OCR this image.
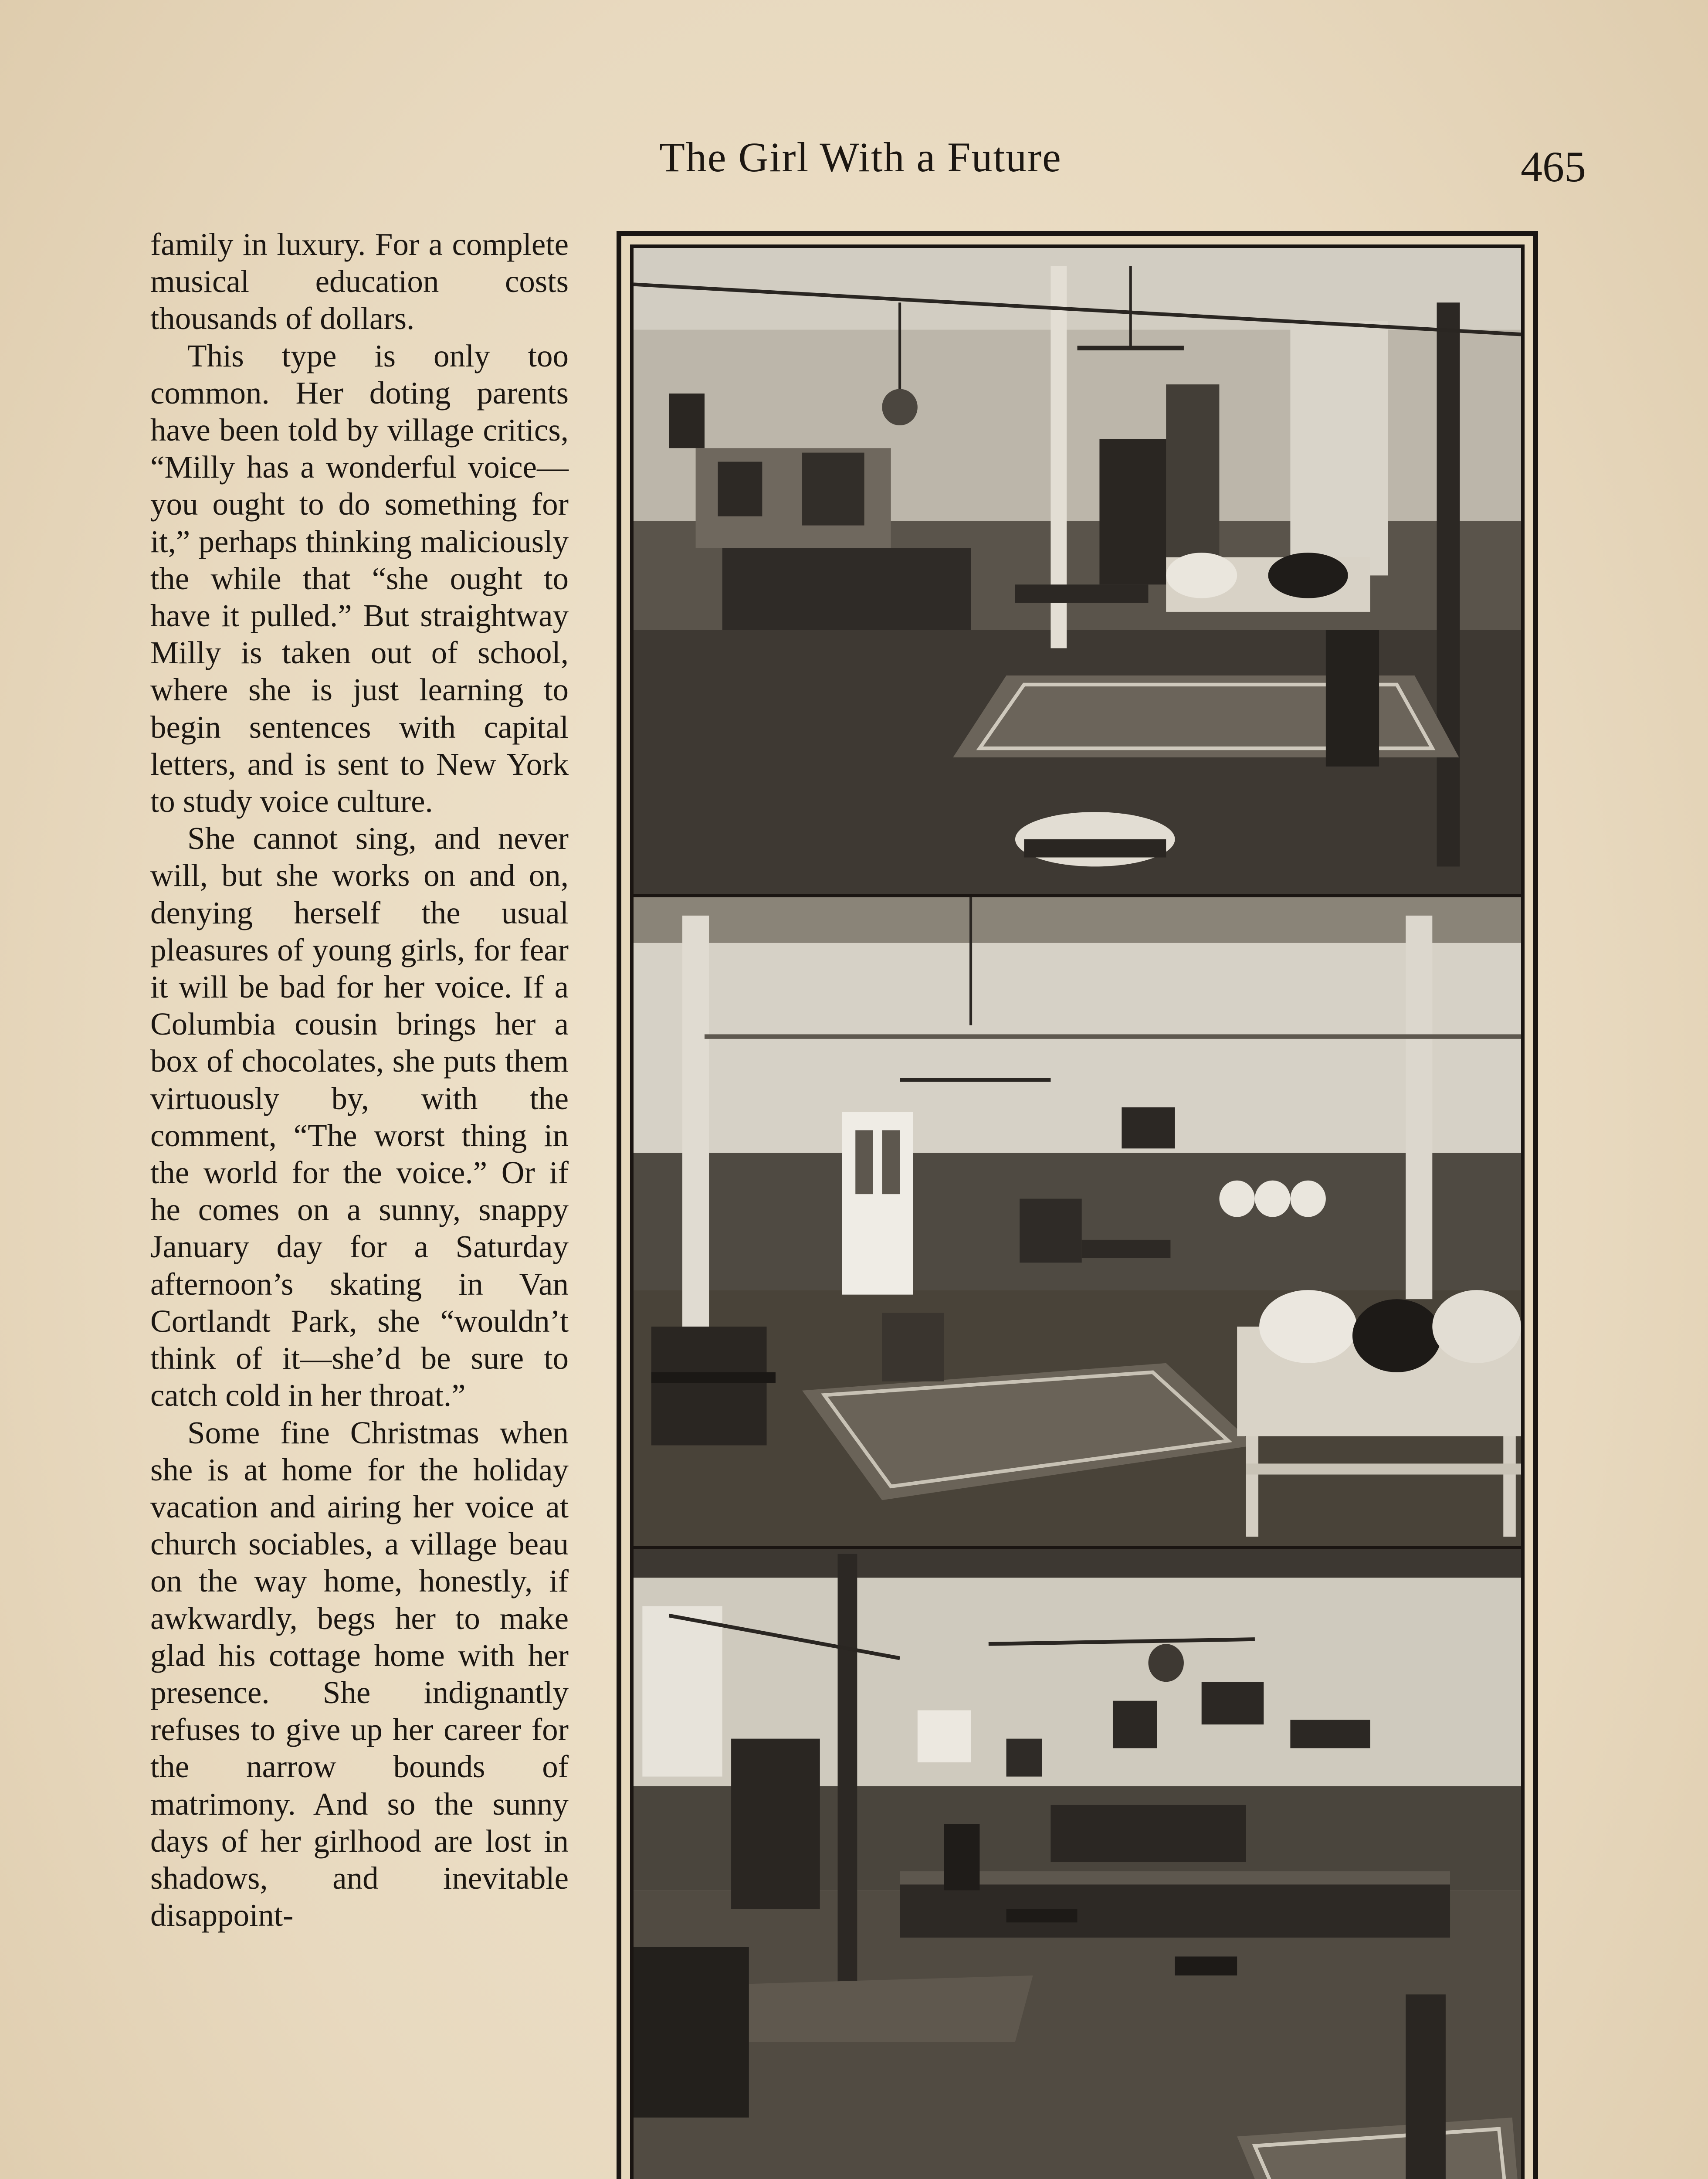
The Girl With a Future	465

family in luxury. For a complete musical education costs thousands of dollars.

This type is only too common. Her doting parents have been told by village critics, “Milly has a wonderful voice—you ought to do something for it,” perhaps thinking maliciously the while that “she ought to have it pulled.” But straightway Milly is taken out of school, where she is just learning to begin sentences with capital letters, and is sent to New York to study voice culture.

She cannot sing, and never will, but she works on and on, denying herself the usual pleasures of young girls, for fear it will be bad for her voice. If a Columbia cousin brings her a box of chocolates, she puts them virtuously by, with the comment, “The worst thing in the world for the voice.” Or if he comes on a sunny, snappy January day for a Saturday afternoon’s skating in Van Cortlandt Park, she “wouldn’t think of it—she’d be sure to catch cold in her throat.”

Some fine Christmas when she is at home for the holiday vacation and airing her voice at church sociables, a village beau on the way home, honestly, if awkwardly, begs her to make glad his cottage home with her presence. She indignantly refuses to give up her career for the narrow bounds of matrimony. And so the sunny days of her girlhood are lost in shadows, and inevitable disappoint-
